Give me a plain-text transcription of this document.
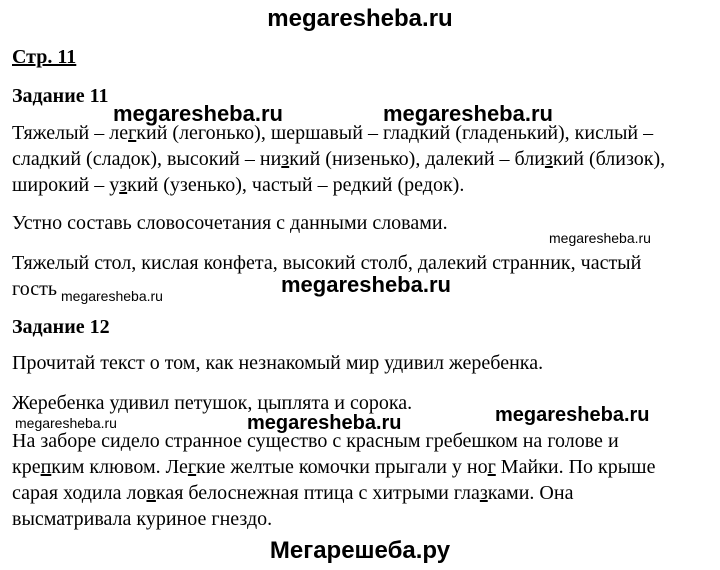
megaresheba.ru
Стр. 11
Задание 11
megaresheba.ru	megaresheba.ru
Тяжелый – легкий (легонько), шершавый – гладкий (гладенький), кислый –
сладкий (сладок), высокий – низкий (низенько), далекий – близкий (близок),
широкий – узкий (узенько), частый – редкий (редок).
Устно составь словосочетания с данными словами.
megaresheba.ru
Тяжелый стол, кислая конфета, высокий столб, далекий странник, частый
гость megaresheba.ru	megaresheba.ru
Задание 12
Прочитай текст о том, как незнакомый мир удивил жеребенка.
Жеребенка удивил петушок, цыплята и сорока.
megaresheba.ru	megaresheba.ru	megaresheba.ru
На заборе сидело странное существо с красным гребешком на голове и
крепким клювом. Легкие желтые комочки прыгали у ног Майки. По крыше
сарая ходила ловкая белоснежная птица с хитрыми глазками. Она
высматривала куриное гнездо.
Мегарешеба.ру
